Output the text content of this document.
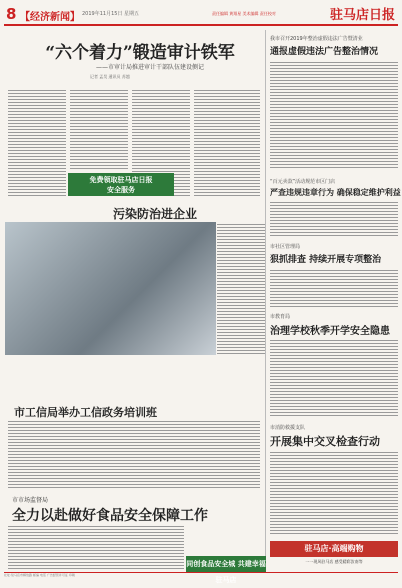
8 【经济新闻】 2019年11月15日 星期五	责任编辑 黄翔星 美术编辑 责任校对	驻马店日报
“六个着力”锻造审计铁军
——市审计局推进审计干部队伍建设侧记
记者 孟昊 通讯员 苏越
免费领取驻马店日报
安全服务
污染防治进企业
市工信局举办工信政务培训班
市市场监督局
全力以赴做好食品安全保障工作
同创食品安全城 共建幸福驻马店
我市召开2019年整治虚假违法广告暨清业
通报虚假违法广告整治情况
“百元卖款”活动规范市区门店
严查违规违章行为 确保稳定维护利益
市社区管理局
狠抓排查 持续开展专项整治
市教育局
治理学校秋季开学安全隐患
市消防救援支队
开展集中交叉检查行动
驻马店·高端购物
一一现风驻马店 感受精彩汝南等
社址:驻马店市解放路 邮编 电话 广告经营许可证 印刷
